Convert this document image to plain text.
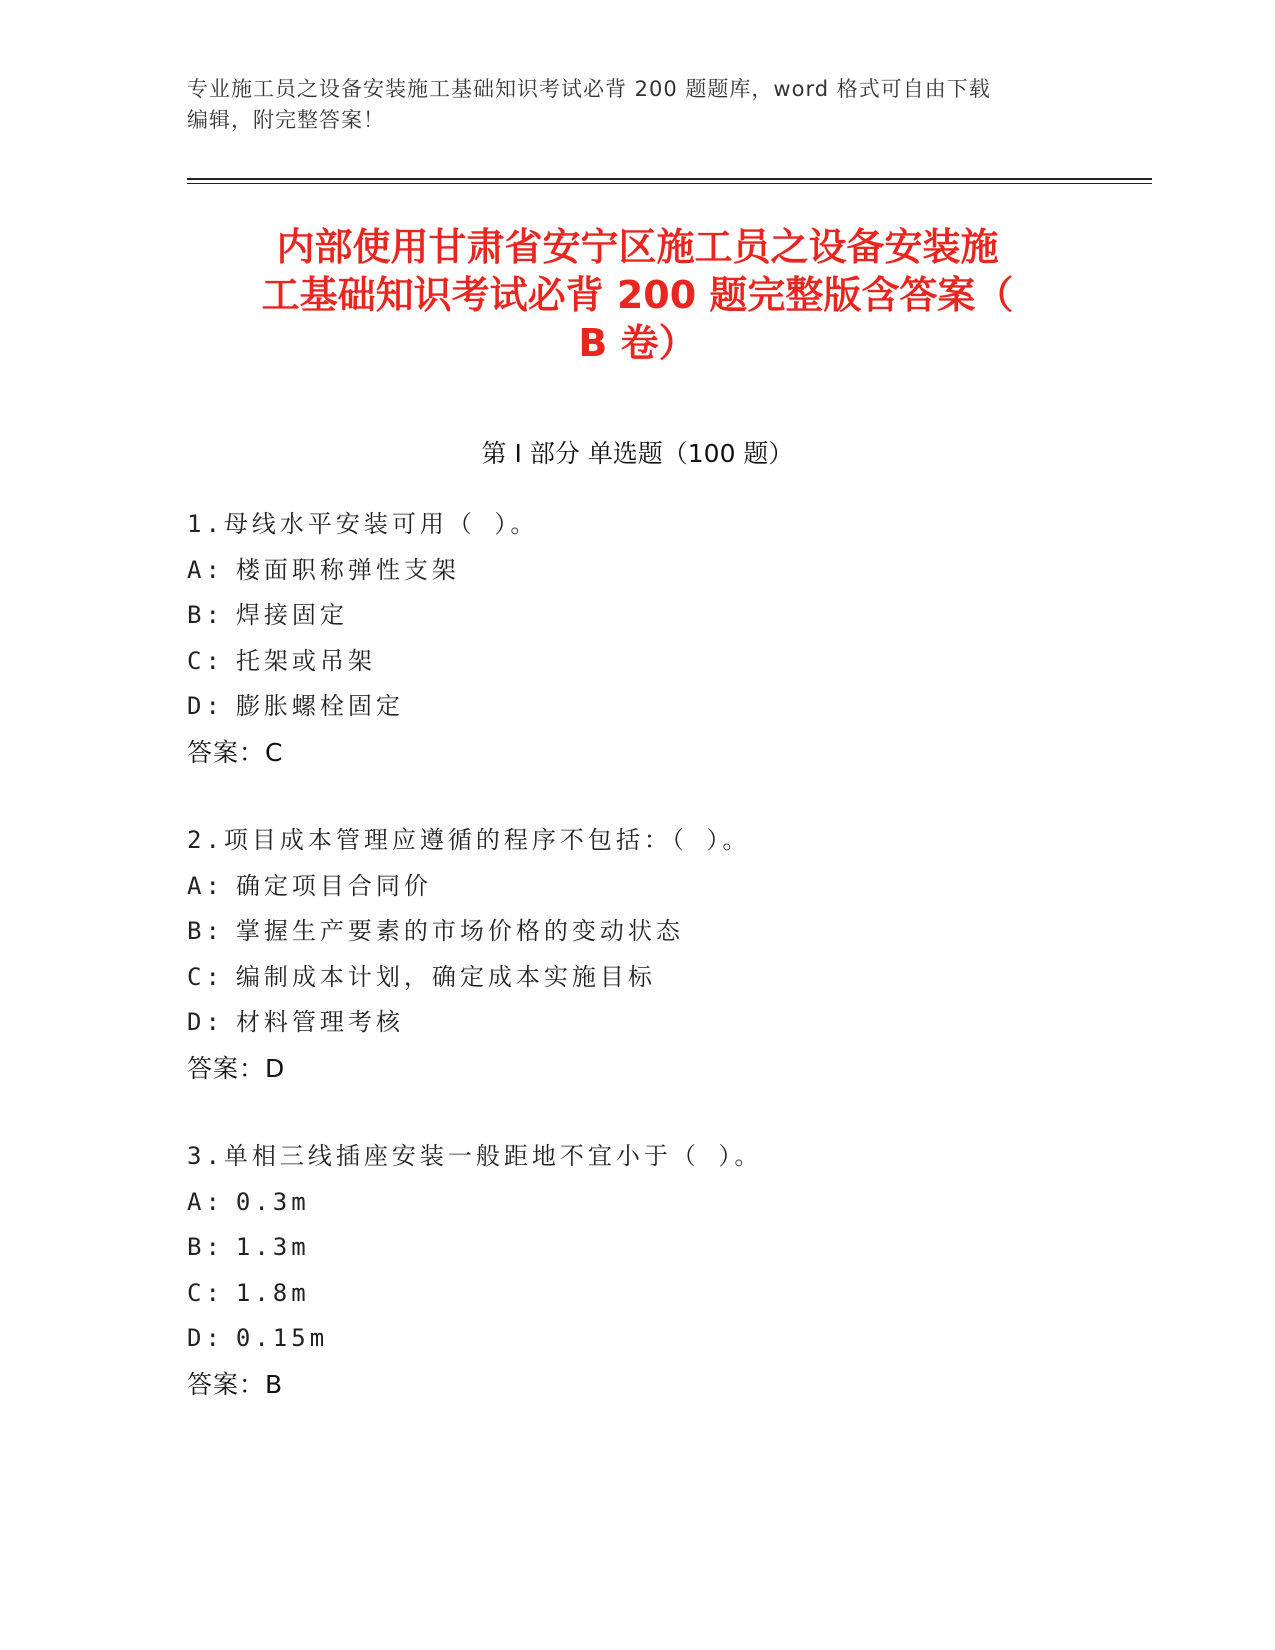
专业施工员之设备安装施工基础知识考试必背 200 题题库，word 格式可自由下载
编辑，附完整答案！
内部使用甘肃省安宁区施工员之设备安装施
工基础知识考试必背 200 题完整版含答案（
B 卷）
第 I 部分 单选题（100 题）
1.母线水平安装可用（ ）。
A: 楼面职称弹性支架
B: 焊接固定
C: 托架或吊架
D: 膨胀螺栓固定
答案：C
2.项目成本管理应遵循的程序不包括：（ ）。
A: 确定项目合同价
B: 掌握生产要素的市场价格的变动状态
C: 编制成本计划，确定成本实施目标
D: 材料管理考核
答案：D
3.单相三线插座安装一般距地不宜小于（ ）。
A: 0.3m
B: 1.3m
C: 1.8m
D: 0.15m
答案：B
